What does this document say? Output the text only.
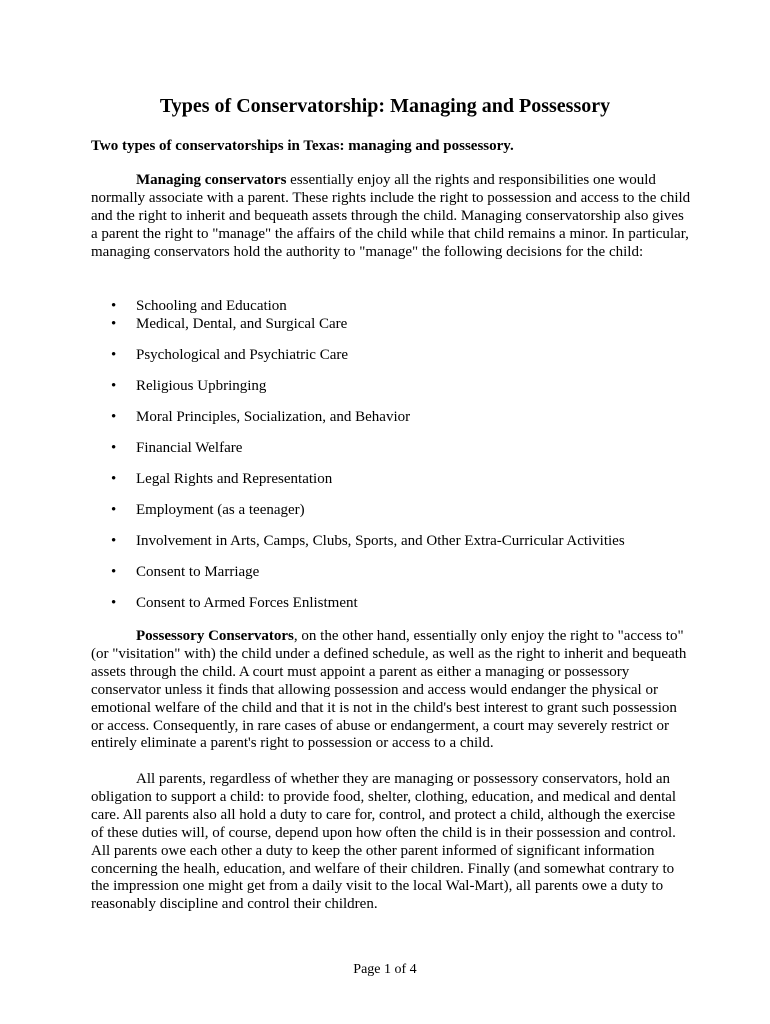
Types of Conservatorship: Managing and Possessory

Two types of conservatorships in Texas: managing and possessory.

Managing conservators essentially enjoy all the rights and responsibilities one would normally associate with a parent. These rights include the right to possession and access to the child and the right to inherit and bequeath assets through the child. Managing conservatorship also gives a parent the right to "manage" the affairs of the child while that child remains a minor. In particular, managing conservators hold the authority to "manage" the following decisions for the child:

• Schooling and Education
• Medical, Dental, and Surgical Care
• Psychological and Psychiatric Care
• Religious Upbringing
• Moral Principles, Socialization, and Behavior
• Financial Welfare
• Legal Rights and Representation
• Employment (as a teenager)
• Involvement in Arts, Camps, Clubs, Sports, and Other Extra-Curricular Activities
• Consent to Marriage
• Consent to Armed Forces Enlistment

Possessory Conservators, on the other hand, essentially only enjoy the right to "access to" (or "visitation" with) the child under a defined schedule, as well as the right to inherit and bequeath assets through the child. A court must appoint a parent as either a managing or possessory conservator unless it finds that allowing possession and access would endanger the physical or emotional welfare of the child and that it is not in the child's best interest to grant such possession or access. Consequently, in rare cases of abuse or endangerment, a court may severely restrict or entirely eliminate a parent's right to possession or access to a child.

All parents, regardless of whether they are managing or possessory conservators, hold an obligation to support a child: to provide food, shelter, clothing, education, and medical and dental care. All parents also all hold a duty to care for, control, and protect a child, although the exercise of these duties will, of course, depend upon how often the child is in their possession and control. All parents owe each other a duty to keep the other parent informed of significant information concerning the healh, education, and welfare of their children. Finally (and somewhat contrary to the impression one might get from a daily visit to the local Wal-Mart), all parents owe a duty to reasonably discipline and control their children.

Page 1 of 4
